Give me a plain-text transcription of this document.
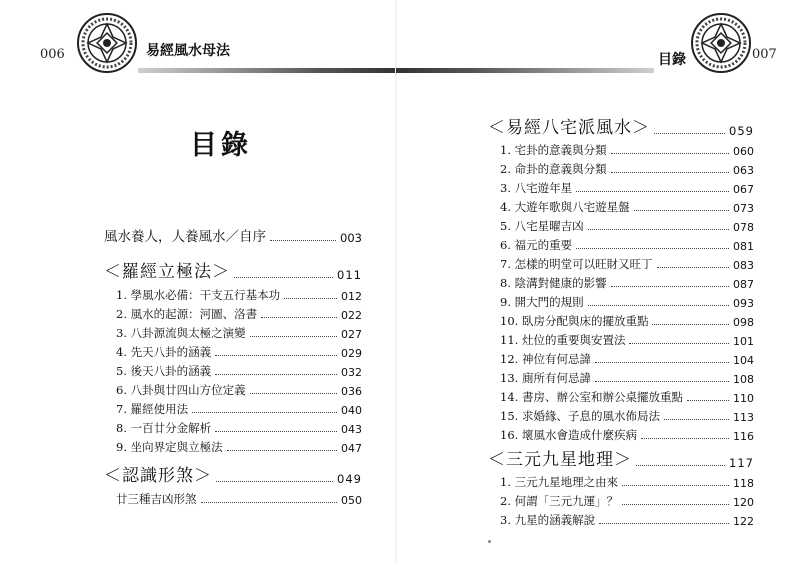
006	易經風水母法
目錄
風水養人，人養風水／自序	003
＜羅經立極法＞	011
1. 學風水必備：干支五行基本功	012
2. 風水的起源：河圖、洛書	022
3. 八卦源流與太極之演變	027
4. 先天八卦的涵義	029
5. 後天八卦的涵義	032
6. 八卦與廿四山方位定義	036
7. 羅經使用法	040
8. 一百廿分金解析	043
9. 坐向界定與立極法	047
＜認識形煞＞	049
廿三種吉凶形煞	050
目錄	007
＜易經八宅派風水＞	059
1. 宅卦的意義與分類	060
2. 命卦的意義與分類	063
3. 八宅遊年星	067
4. 大遊年歌與八宅遊星盤	073
5. 八宅星曜吉凶	078
6. 福元的重要	081
7. 怎樣的明堂可以旺財又旺丁	083
8. 陰溝對健康的影響	087
9. 開大門的規則	093
10. 臥房分配與床的擺放重點	098
11. 灶位的重要與安置法	101
12. 神位有何忌諱	104
13. 廁所有何忌諱	108
14. 書房、辦公室和辦公桌擺放重點	110
15. 求婚緣、子息的風水佈局法	113
16. 壞風水會造成什麼疾病	116
＜三元九星地理＞	117
1. 三元九星地理之由來	118
2. 何謂「三元九運」？	120
3. 九星的涵義解說	122
